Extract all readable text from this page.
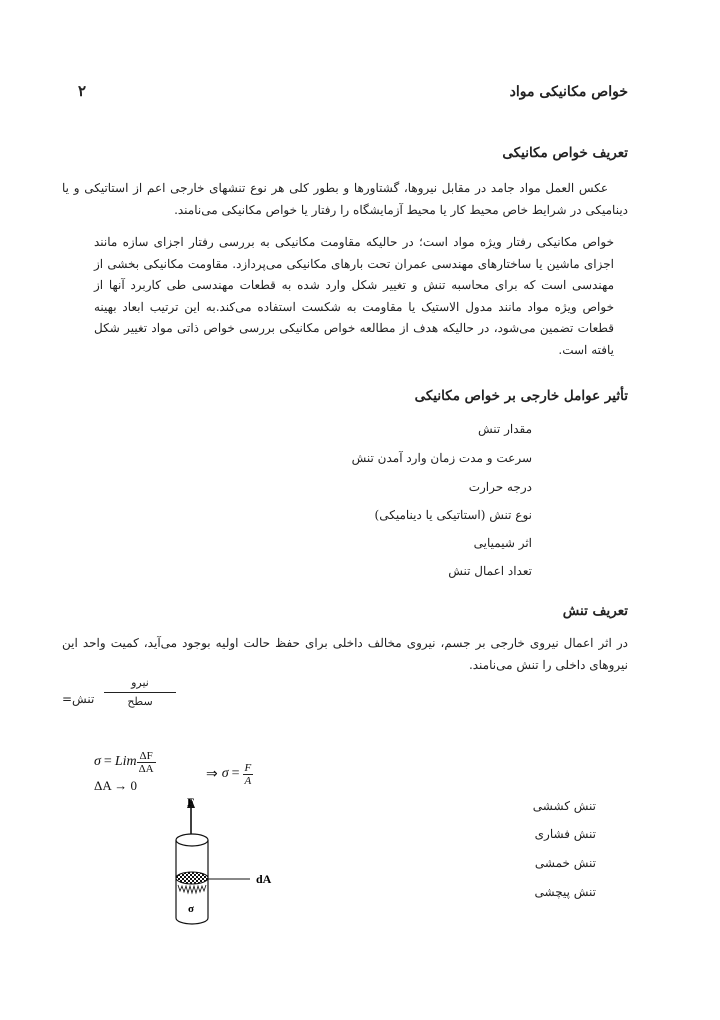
خواص مکانیکی مواد
۲
تعریف خواص مکانیکی
عکس العمل مواد جامد در مقابل نیروها، گشتاورها و بطور کلی هر نوع تنشهای خارجی اعم از استاتیکی و یا دینامیکی در شرایط خاص محیط کار یا محیط آزمایشگاه را رفتار یا خواص مکانیکی می‌نامند.
خواص مکانیکی رفتار ویژه مواد است؛ در حالیکه مقاومت مکانیکی به بررسی رفتار اجزای سازه مانند اجزای ماشین یا ساختارهای مهندسی عمران تحت بارهای مکانیکی می‌پردازد. مقاومت مکانیکی بخشی از مهندسی است که برای محاسبه تنش و تغییر شکل وارد شده به قطعات مهندسی طی کاربرد آنها از خواص ویژه مواد مانند مدول الاستیک یا مقاومت به شکست استفاده می‌کند.به این ترتیب ابعاد بهینه قطعات تضمین می‌شود، در حالیکه هدف از مطالعه خواص مکانیکی بررسی خواص ذاتی مواد تغییر شکل یافته است.
تأثیر عوامل خارجی بر خواص مکانیکی
مقدار تنش
سرعت و مدت زمان وارد آمدن تنش
درجه حرارت
نوع تنش (استاتیکی یا دینامیکی)
اثر شیمیایی
تعداد اعمال تنش
تعریف تنش
در اثر اعمال نیروی خارجی بر جسم، نیروی مخالف داخلی برای حفظ حالت اولیه بوجود می‌آید، کمیت واحد این نیروهای داخلی را تنش می‌نامند.
تنش=
نیرو
سطح
σ = Lim $\frac{\Delta F}{\Delta A}$
ΔA → 0
⇒ $\sigma = \frac{F}{A}$
F
dA
σ
تنش کششی
تنش فشاری
تنش خمشی
تنش پیچشی
